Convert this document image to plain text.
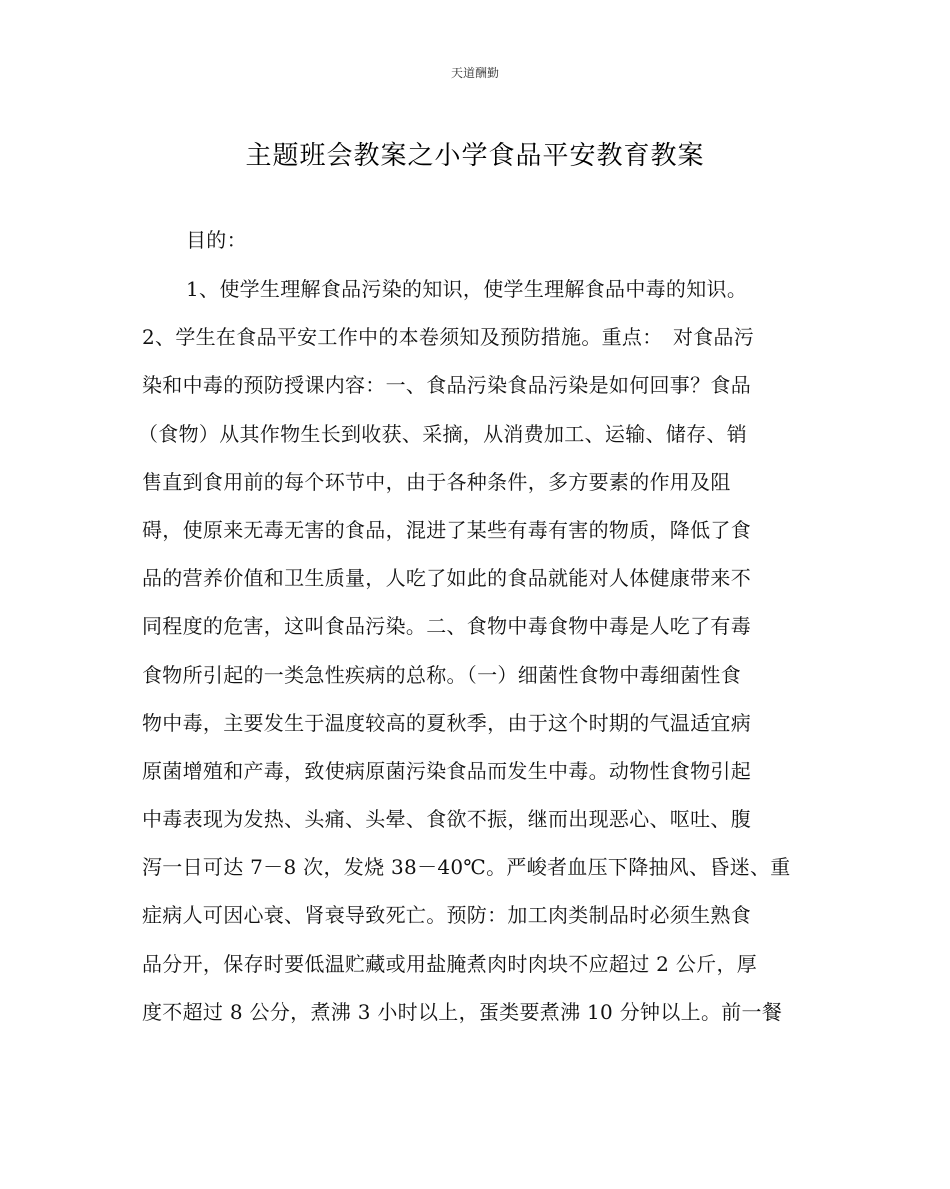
天道酬勤
主题班会教案之小学食品平安教育教案
目的：
1、使学生理解食品污染的知识，使学生理解食品中毒的知识。
2、学生在食品平安工作中的本卷须知及预防措施。重点：　对食品污
染和中毒的预防授课内容：一、食品污染食品污染是如何回事？食品
（食物）从其作物生长到收获、采摘，从消费加工、运输、储存、销
售直到食用前的每个环节中，由于各种条件，多方要素的作用及阻
碍，使原来无毒无害的食品，混进了某些有毒有害的物质，降低了食
品的营养价值和卫生质量，人吃了如此的食品就能对人体健康带来不
同程度的危害，这叫食品污染。二、食物中毒食物中毒是人吃了有毒
食物所引起的一类急性疾病的总称。（一）细菌性食物中毒细菌性食
物中毒，主要发生于温度较高的夏秋季，由于这个时期的气温适宜病
原菌增殖和产毒，致使病原菌污染食品而发生中毒。动物性食物引起
中毒表现为发热、头痛、头晕、食欲不振，继而出现恶心、呕吐、腹
泻一日可达 7－8 次，发烧 38－40℃。严峻者血压下降抽风、昏迷、重
症病人可因心衰、肾衰导致死亡。预防：加工肉类制品时必须生熟食
品分开，保存时要低温贮藏或用盐腌煮肉时肉块不应超过 2 公斤，厚
度不超过 8 公分，煮沸 3 小时以上，蛋类要煮沸 10 分钟以上。前一餐
